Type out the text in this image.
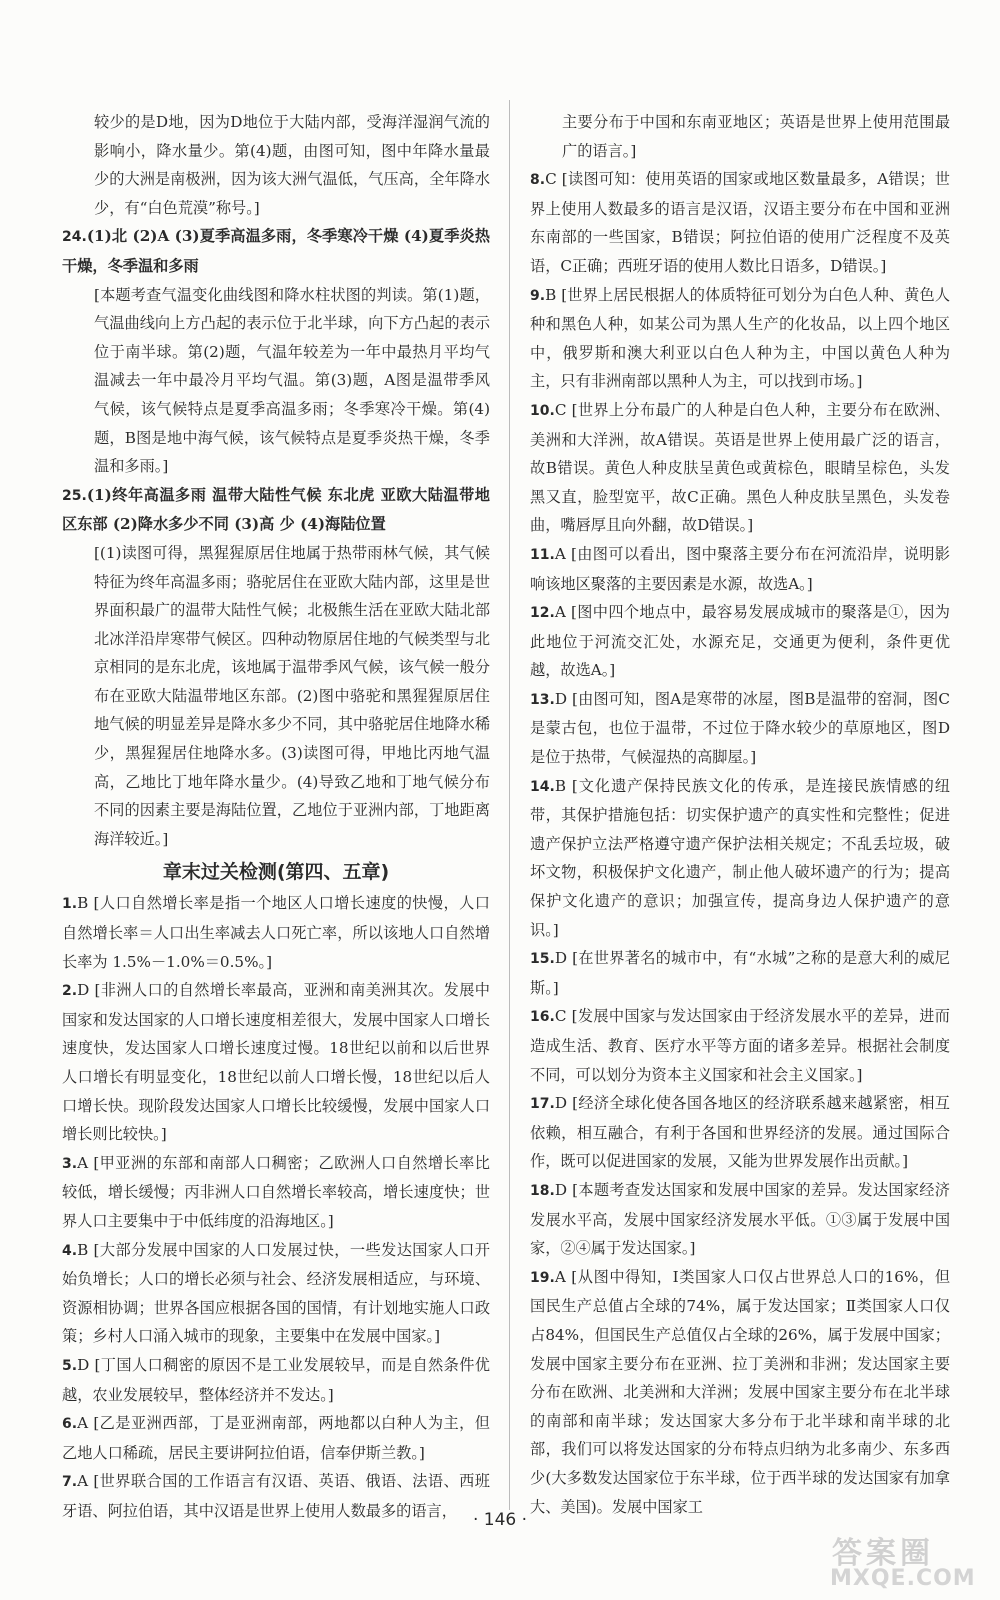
较少的是D地，因为D地位于大陆内部，受海洋湿润气流的影响小，降水量少。第(4)题，由图可知，图中年降水量最少的大洲是南极洲，因为该大洲气温低，气压高，全年降水少，有“白色荒漠”称号。]

24.(1)北 (2)A (3)夏季高温多雨，冬季寒冷干燥 (4)夏季炎热干燥，冬季温和多雨

[本题考查气温变化曲线图和降水柱状图的判读。第(1)题，气温曲线向上方凸起的表示位于北半球，向下方凸起的表示位于南半球。第(2)题，气温年较差为一年中最热月平均气温减去一年中最冷月平均气温。第(3)题，A图是温带季风气候，该气候特点是夏季高温多雨；冬季寒冷干燥。第(4)题，B图是地中海气候，该气候特点是夏季炎热干燥，冬季温和多雨。]

25.(1)终年高温多雨 温带大陆性气候 东北虎 亚欧大陆温带地区东部 (2)降水多少不同 (3)高 少 (4)海陆位置

[(1)读图可得，黑猩猩原居住地属于热带雨林气候，其气候特征为终年高温多雨；骆驼居住在亚欧大陆内部，这里是世界面积最广的温带大陆性气候；北极熊生活在亚欧大陆北部北冰洋沿岸寒带气候区。四种动物原居住地的气候类型与北京相同的是东北虎，该地属于温带季风气候，该气候一般分布在亚欧大陆温带地区东部。(2)图中骆驼和黑猩猩原居住地气候的明显差异是降水多少不同，其中骆驼居住地降水稀少，黑猩猩居住地降水多。(3)读图可得，甲地比丙地气温高，乙地比丁地年降水量少。(4)导致乙地和丁地气候分布不同的因素主要是海陆位置，乙地位于亚洲内部，丁地距离海洋较近。]

章末过关检测(第四、五章)

1.B [人口自然增长率是指一个地区人口增长速度的快慢，人口自然增长率＝人口出生率减去人口死亡率，所以该地人口自然增长率为 1.5%－1.0%＝0.5%。]

2.D [非洲人口的自然增长率最高，亚洲和南美洲其次。发展中国家和发达国家的人口增长速度相差很大，发展中国家人口增长速度快，发达国家人口增长速度过慢。18世纪以前和以后世界人口增长有明显变化，18世纪以前人口增长慢，18世纪以后人口增长快。现阶段发达国家人口增长比较缓慢，发展中国家人口增长则比较快。]

3.A [甲亚洲的东部和南部人口稠密；乙欧洲人口自然增长率比较低，增长缓慢；丙非洲人口自然增长率较高，增长速度快；世界人口主要集中于中低纬度的沿海地区。]

4.B [大部分发展中国家的人口发展过快，一些发达国家人口开始负增长；人口的增长必须与社会、经济发展相适应，与环境、资源相协调；世界各国应根据各国的国情，有计划地实施人口政策；乡村人口涌入城市的现象，主要集中在发展中国家。]

5.D [丁国人口稠密的原因不是工业发展较早，而是自然条件优越，农业发展较早，整体经济并不发达。]

6.A [乙是亚洲西部，丁是亚洲南部，两地都以白种人为主，但乙地人口稀疏，居民主要讲阿拉伯语，信奉伊斯兰教。]

7.A [世界联合国的工作语言有汉语、英语、俄语、法语、西班牙语、阿拉伯语，其中汉语是世界上使用人数最多的语言，

主要分布于中国和东南亚地区；英语是世界上使用范围最广的语言。]

8.C [读图可知：使用英语的国家或地区数量最多，A错误；世界上使用人数最多的语言是汉语，汉语主要分布在中国和亚洲东南部的一些国家，B错误；阿拉伯语的使用广泛程度不及英语，C正确；西班牙语的使用人数比日语多，D错误。]

9.B [世界上居民根据人的体质特征可划分为白色人种、黄色人种和黑色人种，如某公司为黑人生产的化妆品，以上四个地区中，俄罗斯和澳大利亚以白色人种为主，中国以黄色人种为主，只有非洲南部以黑种人为主，可以找到市场。]

10.C [世界上分布最广的人种是白色人种，主要分布在欧洲、美洲和大洋洲，故A错误。英语是世界上使用最广泛的语言，故B错误。黄色人种皮肤呈黄色或黄棕色，眼睛呈棕色，头发黑又直，脸型宽平，故C正确。黑色人种皮肤呈黑色，头发卷曲，嘴唇厚且向外翻，故D错误。]

11.A [由图可以看出，图中聚落主要分布在河流沿岸，说明影响该地区聚落的主要因素是水源，故选A。]

12.A [图中四个地点中，最容易发展成城市的聚落是①，因为此地位于河流交汇处，水源充足，交通更为便利，条件更优越，故选A。]

13.D [由图可知，图A是寒带的冰屋，图B是温带的窑洞，图C是蒙古包，也位于温带，不过位于降水较少的草原地区，图D是位于热带，气候湿热的高脚屋。]

14.B [文化遗产保持民族文化的传承，是连接民族情感的纽带，其保护措施包括：切实保护遗产的真实性和完整性；促进遗产保护立法严格遵守遗产保护法相关规定；不乱丢垃圾，破坏文物，积极保护文化遗产，制止他人破坏遗产的行为；提高保护文化遗产的意识；加强宣传，提高身边人保护遗产的意识。]

15.D [在世界著名的城市中，有“水城”之称的是意大利的威尼斯。]

16.C [发展中国家与发达国家由于经济发展水平的差异，进而造成生活、教育、医疗水平等方面的诸多差异。根据社会制度不同，可以划分为资本主义国家和社会主义国家。]

17.D [经济全球化使各国各地区的经济联系越来越紧密，相互依赖，相互融合，有利于各国和世界经济的发展。通过国际合作，既可以促进国家的发展，又能为世界发展作出贡献。]

18.D [本题考查发达国家和发展中国家的差异。发达国家经济发展水平高，发展中国家经济发展水平低。①③属于发展中国家，②④属于发达国家。]

19.A [从图中得知，Ⅰ类国家人口仅占世界总人口的16%，但国民生产总值占全球的74%，属于发达国家；Ⅱ类国家人口仅占84%，但国民生产总值仅占全球的26%，属于发展中国家；发展中国家主要分布在亚洲、拉丁美洲和非洲；发达国家主要分布在欧洲、北美洲和大洋洲；发展中国家主要分布在北半球的南部和南半球；发达国家大多分布于北半球和南半球的北部，我们可以将发达国家的分布特点归纳为北多南少、东多西少(大多数发达国家位于东半球，位于西半球的发达国家有加拿大、美国)。发展中国家工

· 146 ·
答案圈
MXQE.COM
